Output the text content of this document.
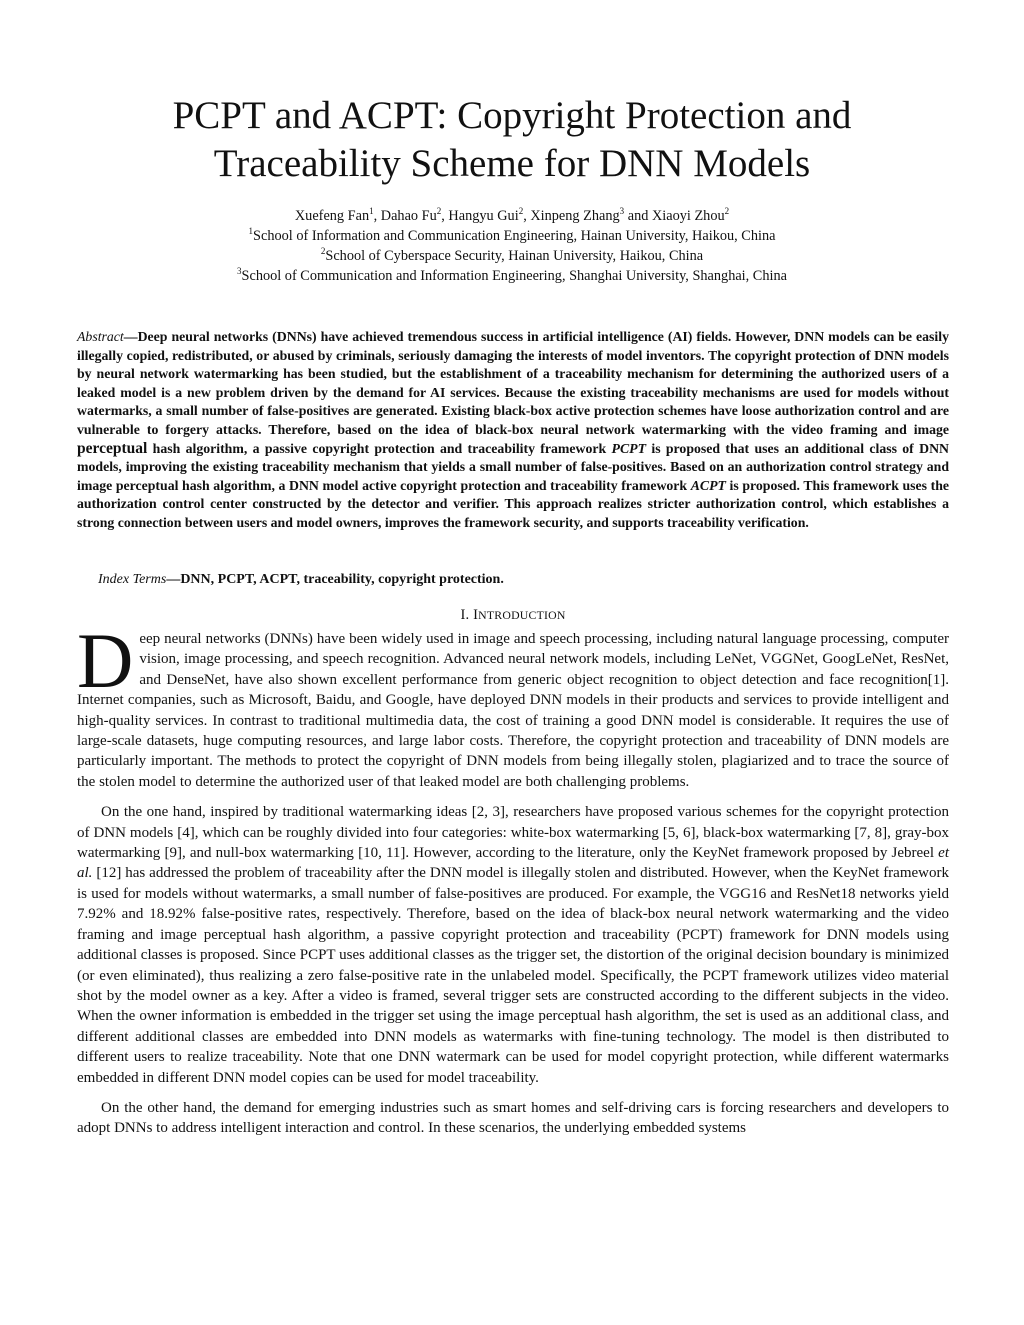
PCPT and ACPT: Copyright Protection and
Traceability Scheme for DNN Models
Xuefeng Fan$^1$, Dahao Fu$^2$, Hangyu Gui$^2$, Xinpeng Zhang$^3$ and Xiaoyi Zhou$^2$
$^1$School of Information and Communication Engineering, Hainan University, Haikou, China
$^2$School of Cyberspace Security, Hainan University, Haikou, China
$^3$School of Communication and Information Engineering, Shanghai University, Shanghai, China
Abstract—Deep neural networks (DNNs) have achieved tremendous success in artificial intelligence (AI) fields. However, DNN models can be easily illegally copied, redistributed, or abused by criminals, seriously damaging the interests of model inventors. The copyright protection of DNN models by neural network watermarking has been studied, but the establishment of a traceability mechanism for determining the authorized users of a leaked model is a new problem driven by the demand for AI services. Because the existing traceability mechanisms are used for models without watermarks, a small number of false-positives are generated. Existing black-box active protection schemes have loose authorization control and are vulnerable to forgery attacks. Therefore, based on the idea of black-box neural network watermarking with the video framing and image perceptual hash algorithm, a passive copyright protection and traceability framework PCPT is proposed that uses an additional class of DNN models, improving the existing traceability mechanism that yields a small number of false-positives. Based on an authorization control strategy and image perceptual hash algorithm, a DNN model active copyright protection and traceability framework ACPT is proposed. This framework uses the authorization control center constructed by the detector and verifier. This approach realizes stricter authorization control, which establishes a strong connection between users and model owners, improves the framework security, and supports traceability verification.
Index Terms—DNN, PCPT, ACPT, traceability, copyright protection.
I. INTRODUCTION

Deep neural networks (DNNs) have been widely used in image and speech processing, including natural language processing, computer vision, image processing, and speech recognition. Advanced neural network models, including LeNet, VGGNet, GoogLeNet, ResNet, and DenseNet, have also shown excellent performance from generic object recognition to object detection and face recognition[1]. Internet companies, such as Microsoft, Baidu, and Google, have deployed DNN models in their products and services to provide intelligent and high-quality services. In contrast to traditional multimedia data, the cost of training a good DNN model is considerable. It requires the use of large-scale datasets, huge computing resources, and large labor costs. Therefore, the copyright protection and traceability of DNN models are particularly important. The methods to protect the copyright of DNN models from being illegally stolen, plagiarized and to trace the source of the stolen model to determine the authorized user of that leaked model are both challenging problems.

On the one hand, inspired by traditional watermarking ideas [2, 3], researchers have proposed various schemes for the copyright protection of DNN models [4], which can be roughly divided into four categories: white-box watermarking [5, 6], black-box watermarking [7, 8], gray-box watermarking [9], and null-box watermarking [10, 11]. However, according to the literature, only the KeyNet framework proposed by Jebreel et al. [12] has addressed the problem of traceability after the DNN model is illegally stolen and distributed. However, when the KeyNet framework is used for models without watermarks, a small number of false-positives are produced. For example, the VGG16 and ResNet18 networks yield 7.92% and 18.92% false-positive rates, respectively. Therefore, based on the idea of black-box neural network watermarking and the video framing and image perceptual hash algorithm, a passive copyright protection and traceability (PCPT) framework for DNN models using additional classes is proposed. Since PCPT uses additional classes as the trigger set, the distortion of the original decision boundary is minimized (or even eliminated), thus realizing a zero false-positive rate in the unlabeled model. Specifically, the PCPT framework utilizes video material shot by the model owner as a key. After a video is framed, several trigger sets are constructed according to the different subjects in the video. When the owner information is embedded in the trigger set using the image perceptual hash algorithm, the set is used as an additional class, and different additional classes are embedded into DNN models as watermarks with fine-tuning technology. The model is then distributed to different users to realize traceability. Note that one DNN watermark can be used for model copyright protection, while different watermarks embedded in different DNN model copies can be used for model traceability.

On the other hand, the demand for emerging industries such as smart homes and self-driving cars is forcing researchers and developers to adopt DNNs to address intelligent interaction and control. In these scenarios, the underlying embedded systems
